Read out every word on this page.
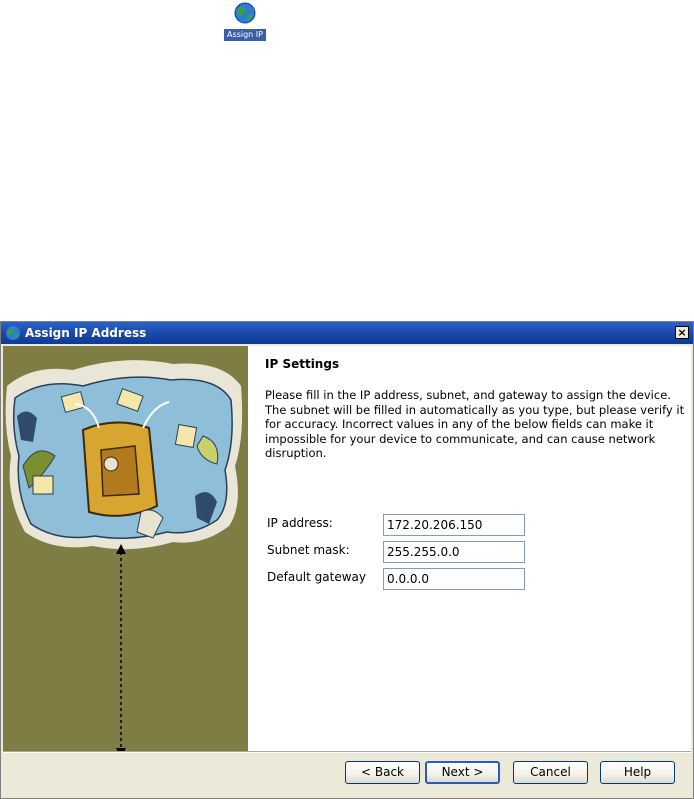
Assign IP
Assign IP Address	×
IP Settings

Please fill in the IP address, subnet, and gateway to assign the device. The subnet will be filled in automatically as you type, but please verify it for accuracy. Incorrect values in any of the below fields can make it impossible for your device to communicate, and can cause network disruption.

IP address:
172.20.206.150
Subnet mask:
255.255.0.0
Default gateway
0.0.0.0
< Back	Next >	Cancel	Help
